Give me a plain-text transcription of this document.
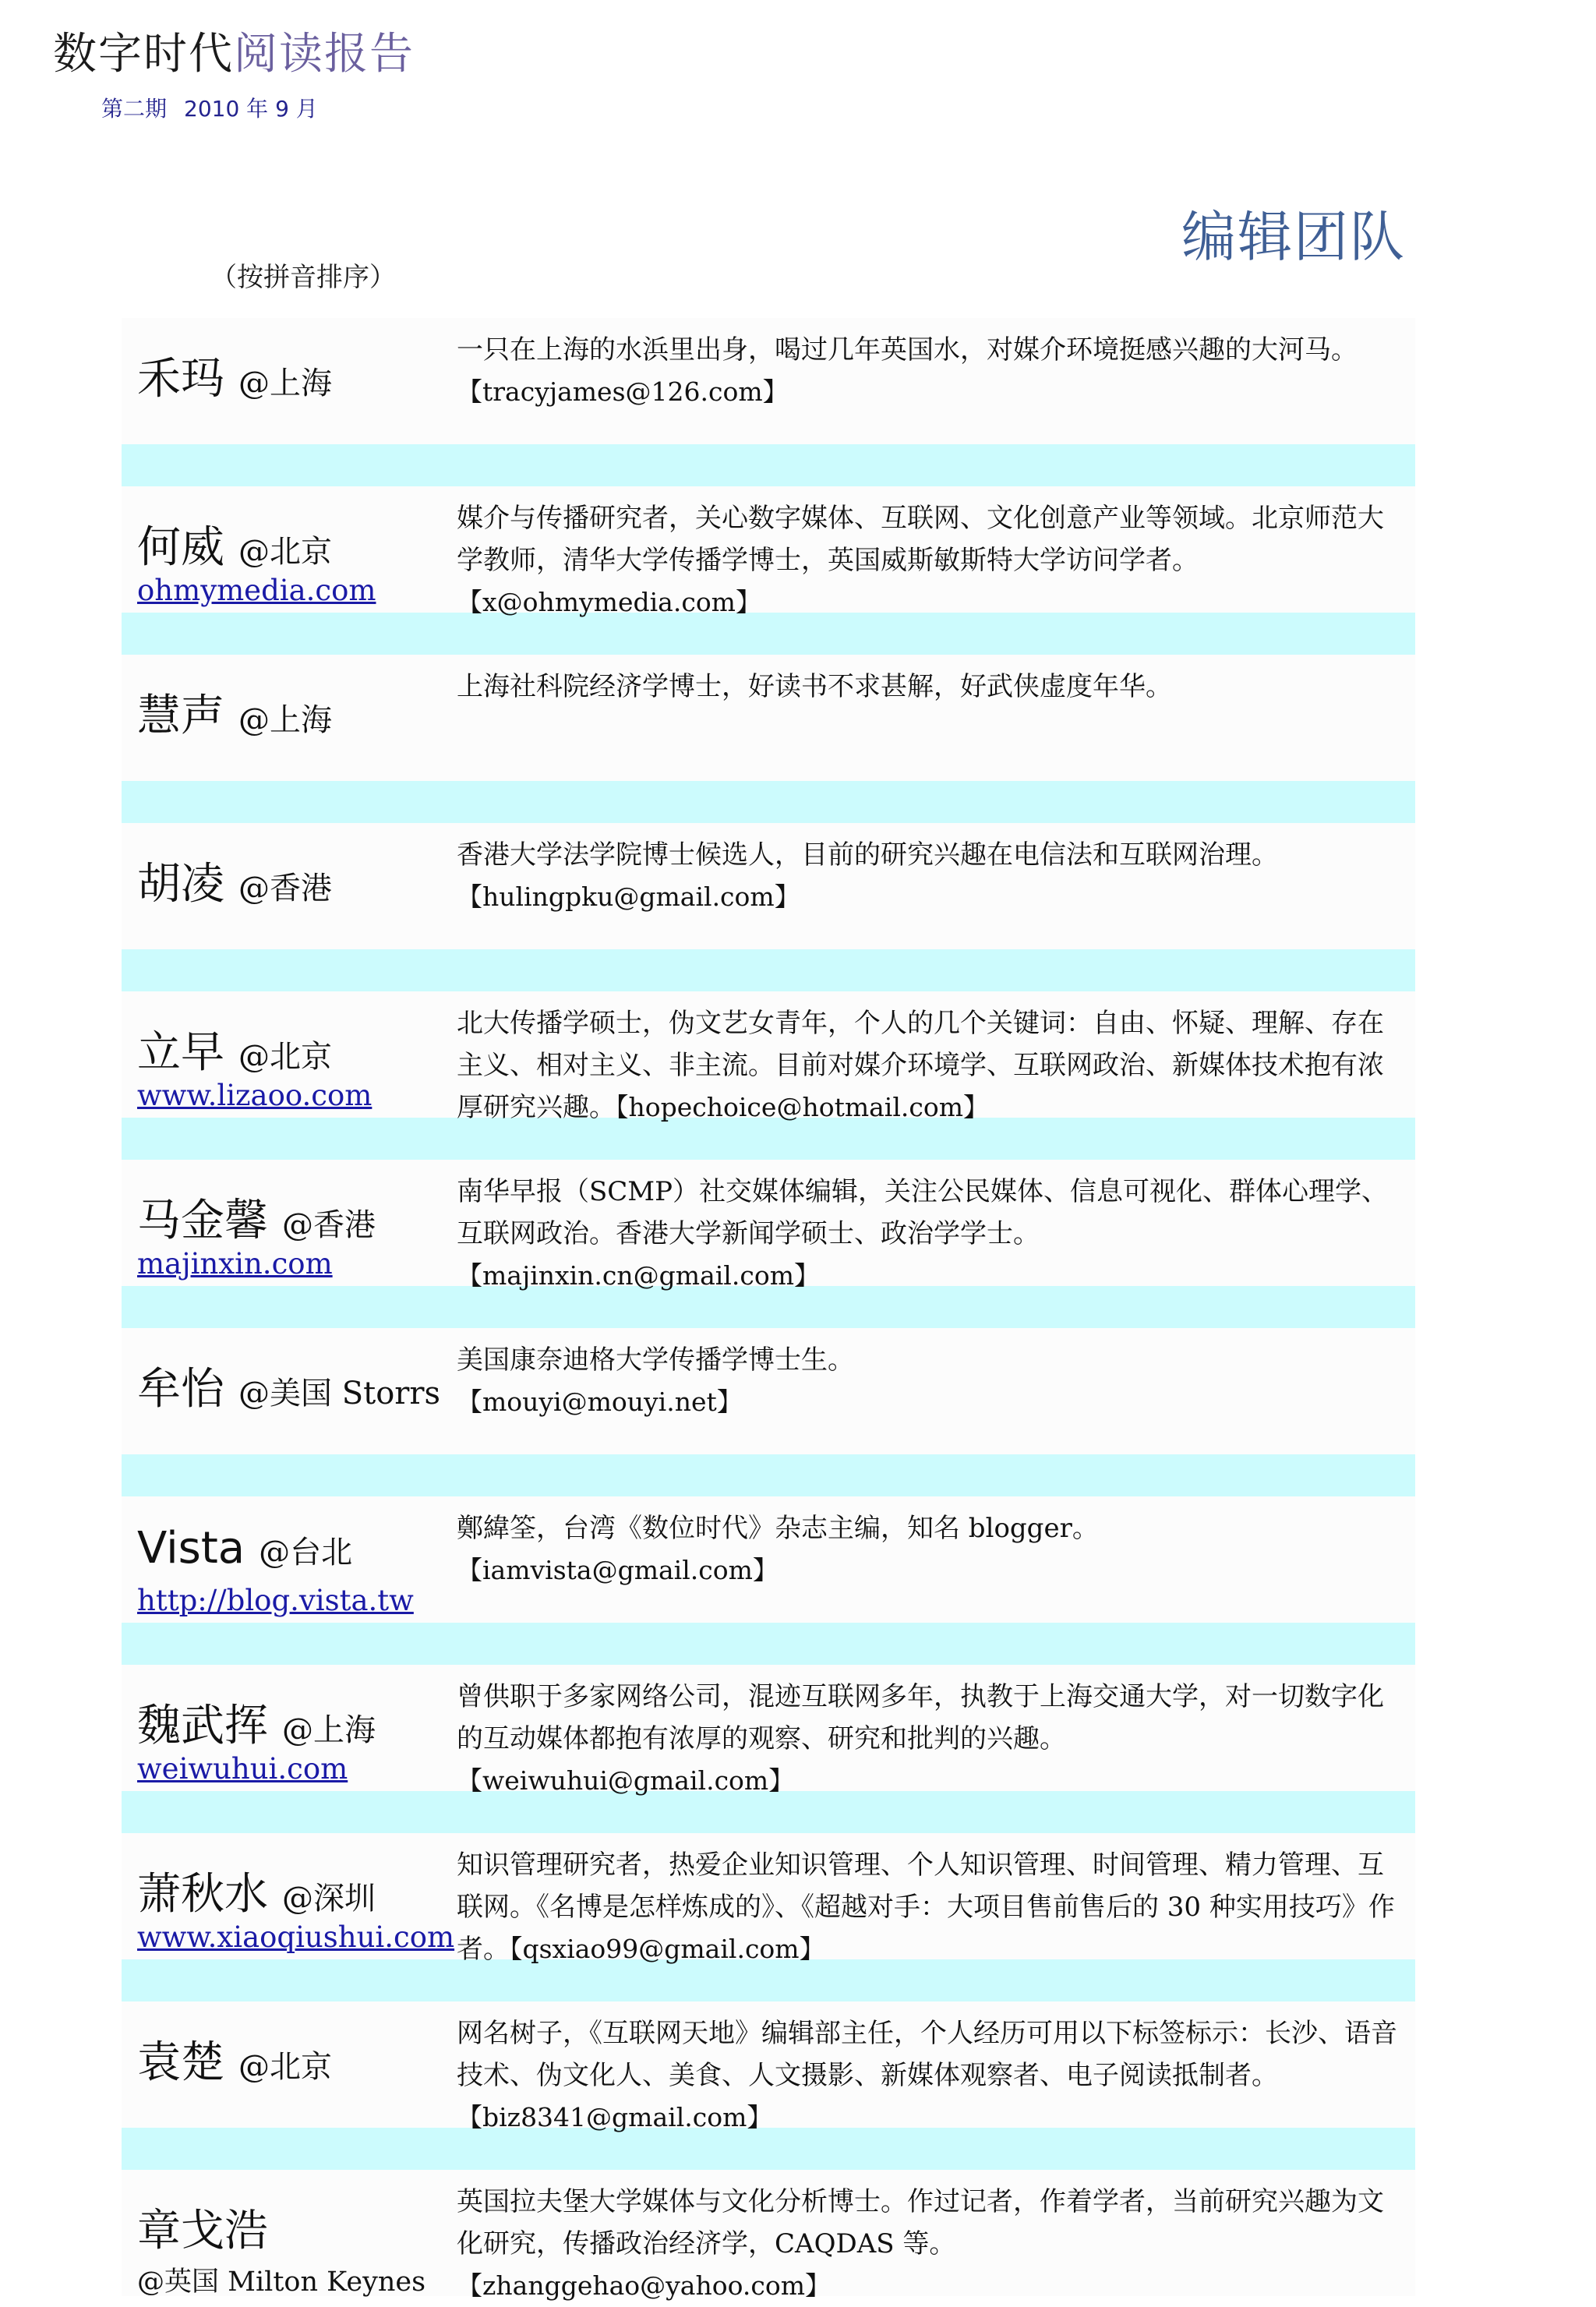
数字时代阅读报告
第二期 2010 年 9 月
编辑团队
（按拼音排序）
禾玛 @上海
一只在上海的水浜里出身，喝过几年英国水，对媒介环境挺感兴趣的大河马。
【tracyjames@126.com】
何威 @北京
ohmymedia.com
媒介与传播研究者，关心数字媒体、互联网、文化创意产业等领域。北京师范大学教师，清华大学传播学博士，英国威斯敏斯特大学访问学者。
【x@ohmymedia.com】
慧声 @上海
上海社科院经济学博士，好读书不求甚解，好武侠虚度年华。
胡凌 @香港
香港大学法学院博士候选人，目前的研究兴趣在电信法和互联网治理。
【hulingpku@gmail.com】
立早 @北京
www.lizaoo.com
北大传播学硕士，伪文艺女青年，个人的几个关键词：自由、怀疑、理解、存在主义、相对主义、非主流。目前对媒介环境学、互联网政治、新媒体技术抱有浓厚研究兴趣。【hopechoice@hotmail.com】
马金馨 @香港
majinxin.com
南华早报（SCMP）社交媒体编辑，关注公民媒体、信息可视化、群体心理学、互联网政治。香港大学新闻学硕士、政治学学士。
【majinxin.cn@gmail.com】
牟怡 @美国 Storrs
美国康奈迪格大学传播学博士生。
【mouyi@mouyi.net】
Vista @台北
http://blog.vista.tw
鄭緯筌，台湾《数位时代》杂志主编，知名 blogger。
【iamvista@gmail.com】
魏武挥 @上海
weiwuhui.com
曾供职于多家网络公司，混迹互联网多年，执教于上海交通大学，对一切数字化的互动媒体都抱有浓厚的观察、研究和批判的兴趣。
【weiwuhui@gmail.com】
萧秋水 @深圳
www.xiaoqiushui.com
知识管理研究者，热爱企业知识管理、个人知识管理、时间管理、精力管理、互联网。《名博是怎样炼成的》、《超越对手：大项目售前售后的 30 种实用技巧》作者。【qsxiao99@gmail.com】
袁楚 @北京
网名树子，《互联网天地》编辑部主任，个人经历可用以下标签标示：长沙、语音技术、伪文化人、美食、人文摄影、新媒体观察者、电子阅读抵制者。
【biz8341@gmail.com】
章戈浩
@英国 Milton Keynes
英国拉夫堡大学媒体与文化分析博士。作过记者，作着学者，当前研究兴趣为文化研究，传播政治经济学，CAQDAS 等。
【zhanggehao@yahoo.com】
